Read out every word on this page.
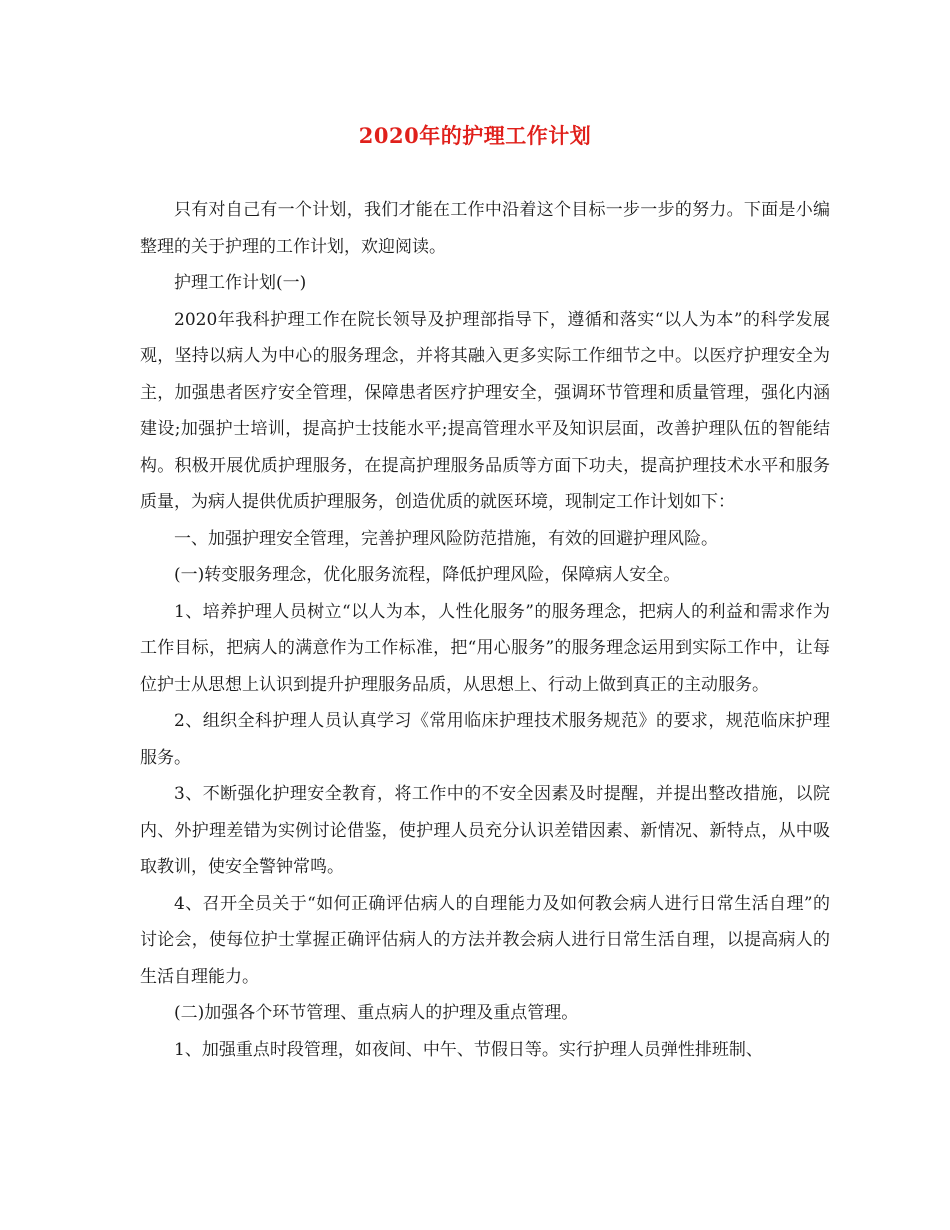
2020年的护理工作计划

只有对自己有一个计划，我们才能在工作中沿着这个目标一步一步的努力。下面是小编整理的关于护理的工作计划，欢迎阅读。

护理工作计划(一)

2020年我科护理工作在院长领导及护理部指导下，遵循和落实“以人为本”的科学发展观，坚持以病人为中心的服务理念，并将其融入更多实际工作细节之中。以医疗护理安全为主，加强患者医疗安全管理，保障患者医疗护理安全，强调环节管理和质量管理，强化内涵建设;加强护士培训，提高护士技能水平;提高管理水平及知识层面，改善护理队伍的智能结构。积极开展优质护理服务，在提高护理服务品质等方面下功夫，提高护理技术水平和服务质量，为病人提供优质护理服务，创造优质的就医环境，现制定工作计划如下：

一、加强护理安全管理，完善护理风险防范措施，有效的回避护理风险。

(一)转变服务理念，优化服务流程，降低护理风险，保障病人安全。

1、培养护理人员树立“以人为本，人性化服务”的服务理念，把病人的利益和需求作为工作目标，把病人的满意作为工作标准，把“用心服务”的服务理念运用到实际工作中，让每位护士从思想上认识到提升护理服务品质，从思想上、行动上做到真正的主动服务。

2、组织全科护理人员认真学习《常用临床护理技术服务规范》的要求，规范临床护理服务。

3、不断强化护理安全教育，将工作中的不安全因素及时提醒，并提出整改措施，以院内、外护理差错为实例讨论借鉴，使护理人员充分认识差错因素、新情况、新特点，从中吸取教训，使安全警钟常鸣。

4、召开全员关于“如何正确评估病人的自理能力及如何教会病人进行日常生活自理”的讨论会，使每位护士掌握正确评估病人的方法并教会病人进行日常生活自理，以提高病人的生活自理能力。

(二)加强各个环节管理、重点病人的护理及重点管理。

1、加强重点时段管理，如夜间、中午、节假日等。实行护理人员弹性排班制、
